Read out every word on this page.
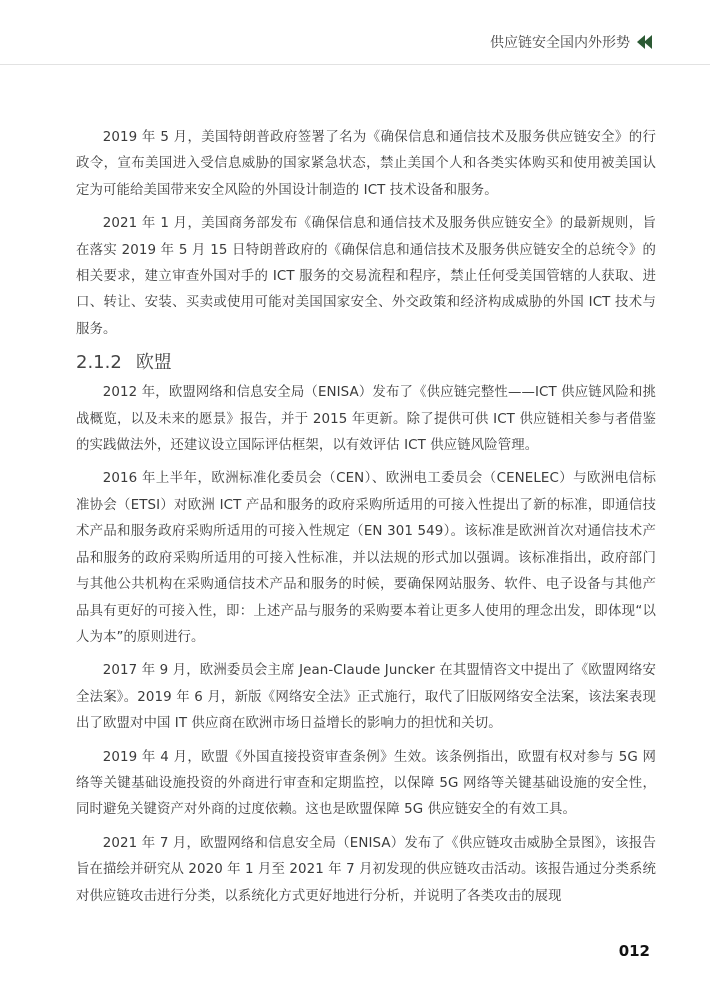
供应链安全国内外形势

2019 年 5 月，美国特朗普政府签署了名为《确保信息和通信技术及服务供应链安全》的行政令，宣布美国进入受信息威胁的国家紧急状态，禁止美国个人和各类实体购买和使用被美国认定为可能给美国带来安全风险的外国设计制造的 ICT 技术设备和服务。

2021 年 1 月，美国商务部发布《确保信息和通信技术及服务供应链安全》的最新规则，旨在落实 2019 年 5 月 15 日特朗普政府的《确保信息和通信技术及服务供应链安全的总统令》的相关要求，建立审查外国对手的 ICT 服务的交易流程和程序，禁止任何受美国管辖的人获取、进口、转让、安装、买卖或使用可能对美国国家安全、外交政策和经济构成威胁的外国 ICT 技术与服务。

2.1.2 欧盟

2012 年，欧盟网络和信息安全局（ENISA）发布了《供应链完整性——ICT 供应链风险和挑战概览，以及未来的愿景》报告，并于 2015 年更新。除了提供可供 ICT 供应链相关参与者借鉴的实践做法外，还建议设立国际评估框架，以有效评估 ICT 供应链风险管理。

2016 年上半年，欧洲标准化委员会（CEN）、欧洲电工委员会（CENELEC）与欧洲电信标准协会（ETSI）对欧洲 ICT 产品和服务的政府采购所适用的可接入性提出了新的标准，即通信技术产品和服务政府采购所适用的可接入性规定（EN 301 549）。该标准是欧洲首次对通信技术产品和服务的政府采购所适用的可接入性标准，并以法规的形式加以强调。该标准指出，政府部门与其他公共机构在采购通信技术产品和服务的时候，要确保网站服务、软件、电子设备与其他产品具有更好的可接入性，即：上述产品与服务的采购要本着让更多人使用的理念出发，即体现“以人为本”的原则进行。

2017 年 9 月，欧洲委员会主席 Jean-Claude Juncker 在其盟情咨文中提出了《欧盟网络安全法案》。2019 年 6 月，新版《网络安全法》正式施行，取代了旧版网络安全法案，该法案表现出了欧盟对中国 IT 供应商在欧洲市场日益增长的影响力的担忧和关切。

2019 年 4 月，欧盟《外国直接投资审查条例》生效。该条例指出，欧盟有权对参与 5G 网络等关键基础设施投资的外商进行审查和定期监控，以保障 5G 网络等关键基础设施的安全性，同时避免关键资产对外商的过度依赖。这也是欧盟保障 5G 供应链安全的有效工具。

2021 年 7 月，欧盟网络和信息安全局（ENISA）发布了《供应链攻击威胁全景图》，该报告旨在描绘并研究从 2020 年 1 月至 2021 年 7 月初发现的供应链攻击活动。该报告通过分类系统对供应链攻击进行分类，以系统化方式更好地进行分析，并说明了各类攻击的展现

012
